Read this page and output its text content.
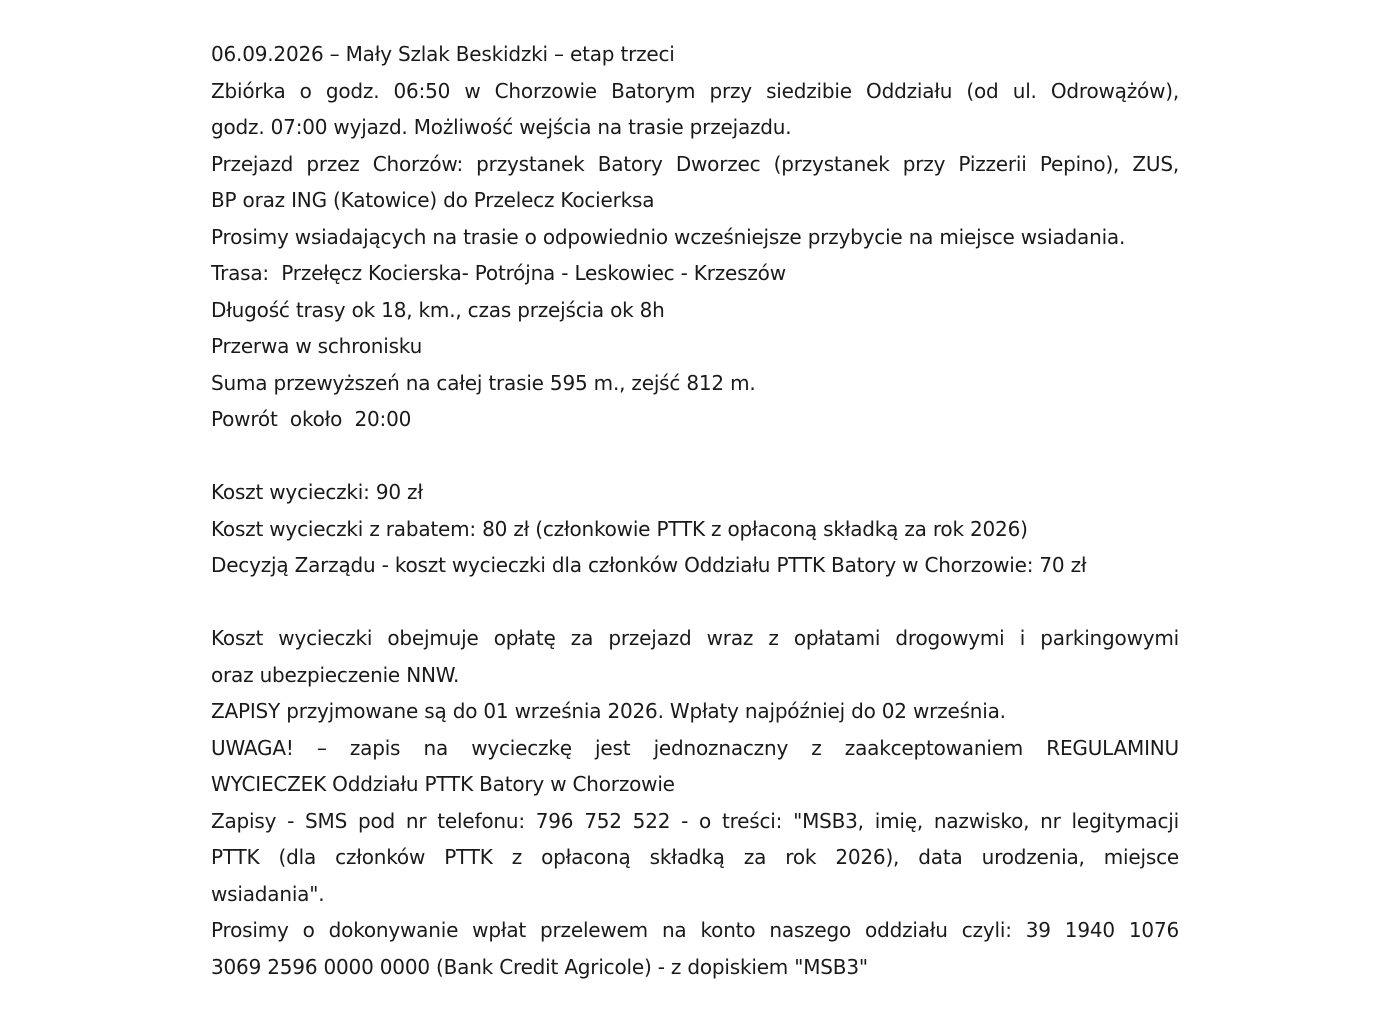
06.09.2026 – Mały Szlak Beskidzki – etap trzeci

Zbiórka o godz. 06:50 w Chorzowie Batorym przy siedzibie Oddziału (od ul. Odrowążów),

godz. 07:00 wyjazd. Możliwość wejścia na trasie przejazdu.

Przejazd przez Chorzów: przystanek Batory Dworzec (przystanek przy Pizzerii Pepino), ZUS,

BP oraz ING (Katowice) do Przelecz Kocierksa

Prosimy wsiadających na trasie o odpowiednio wcześniejsze przybycie na miejsce wsiadania.

Trasa:  Przełęcz Kocierska- Potrójna - Leskowiec - Krzeszów

Długość trasy ok 18, km., czas przejścia ok 8h

Przerwa w schronisku

Suma przewyższeń na całej trasie 595 m., zejść 812 m.

Powrót  około  20:00

Koszt wycieczki: 90 zł

Koszt wycieczki z rabatem: 80 zł (członkowie PTTK z opłaconą składką za rok 2026)

Decyzją Zarządu - koszt wycieczki dla członków Oddziału PTTK Batory w Chorzowie: 70 zł

Koszt wycieczki obejmuje opłatę za przejazd wraz z opłatami drogowymi i parkingowymi

oraz ubezpieczenie NNW.

ZAPISY przyjmowane są do 01 września 2026. Wpłaty najpóźniej do 02 września.

UWAGA! – zapis na wycieczkę jest jednoznaczny z zaakceptowaniem REGULAMINU

WYCIECZEK Oddziału PTTK Batory w Chorzowie

Zapisy - SMS pod nr telefonu: 796 752 522 - o treści: "MSB3, imię, nazwisko, nr legitymacji

PTTK (dla członków PTTK z opłaconą składką za rok 2026), data urodzenia, miejsce

wsiadania".

Prosimy o dokonywanie wpłat przelewem na konto naszego oddziału czyli: 39 1940 1076

3069 2596 0000 0000 (Bank Credit Agricole) - z dopiskiem "MSB3"
